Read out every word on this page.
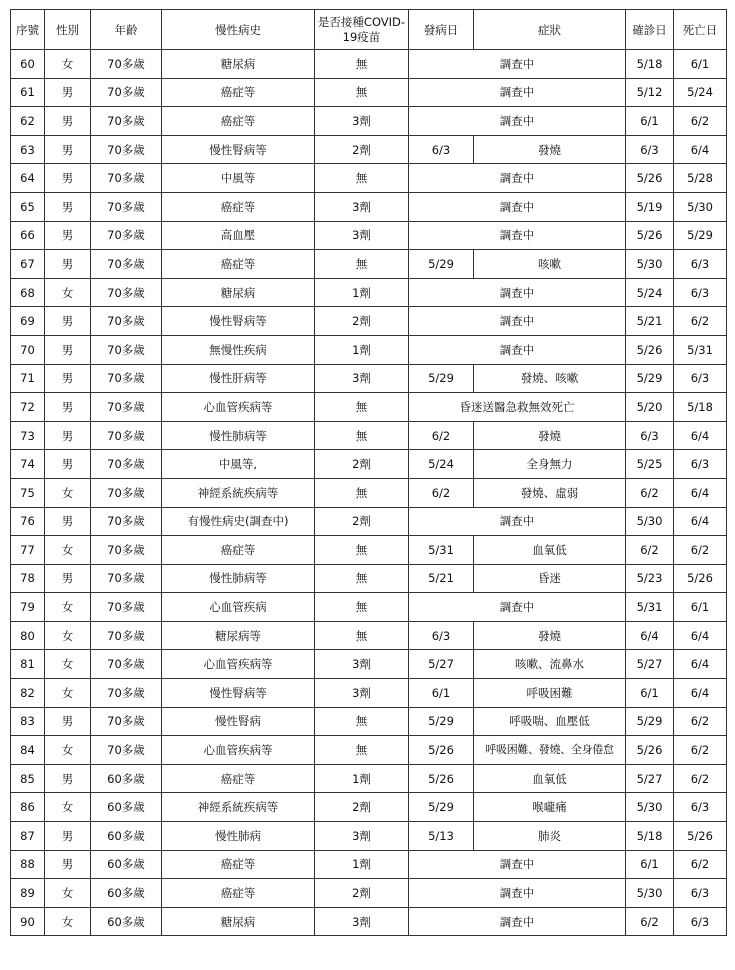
序號	性別	年齡	慢性病史	是否接種COVID-19疫苗	發病日	症狀	確診日	死亡日
60	女	70多歲	糖尿病	無	調查中		5/18	6/1
61	男	70多歲	癌症等	無	調查中		5/12	5/24
62	男	70多歲	癌症等	3劑	調查中		6/1	6/2
63	男	70多歲	慢性腎病等	2劑	6/3	發燒	6/3	6/4
64	男	70多歲	中風等	無	調查中		5/26	5/28
65	男	70多歲	癌症等	3劑	調查中		5/19	5/30
66	男	70多歲	高血壓	3劑	調查中		5/26	5/29
67	男	70多歲	癌症等	無	5/29	咳嗽	5/30	6/3
68	女	70多歲	糖尿病	1劑	調查中		5/24	6/3
69	男	70多歲	慢性腎病等	2劑	調查中		5/21	6/2
70	男	70多歲	無慢性疾病	1劑	調查中		5/26	5/31
71	男	70多歲	慢性肝病等	3劑	5/29	發燒、咳嗽	5/29	6/3
72	男	70多歲	心血管疾病等	無	昏迷送醫急救無效死亡		5/20	5/18
73	男	70多歲	慢性肺病等	無	6/2	發燒	6/3	6/4
74	男	70多歲	中風等,	2劑	5/24	全身無力	5/25	6/3
75	女	70多歲	神經系統疾病等	無	6/2	發燒、虛弱	6/2	6/4
76	男	70多歲	有慢性病史(調查中)	2劑	調查中		5/30	6/4
77	女	70多歲	癌症等	無	5/31	血氧低	6/2	6/2
78	男	70多歲	慢性肺病等	無	5/21	昏迷	5/23	5/26
79	女	70多歲	心血管疾病	無	調查中		5/31	6/1
80	女	70多歲	糖尿病等	無	6/3	發燒	6/4	6/4
81	女	70多歲	心血管疾病等	3劑	5/27	咳嗽、流鼻水	5/27	6/4
82	女	70多歲	慢性腎病等	3劑	6/1	呼吸困難	6/1	6/4
83	男	70多歲	慢性腎病	無	5/29	呼吸喘、血壓低	5/29	6/2
84	女	70多歲	心血管疾病等	無	5/26	呼吸困難、發燒、全身倦怠	5/26	6/2
85	男	60多歲	癌症等	1劑	5/26	血氧低	5/27	6/2
86	女	60多歲	神經系統疾病等	2劑	5/29	喉嚨痛	5/30	6/3
87	男	60多歲	慢性肺病	3劑	5/13	肺炎	5/18	5/26
88	男	60多歲	癌症等	1劑	調查中		6/1	6/2
89	女	60多歲	癌症等	2劑	調查中		5/30	6/3
90	女	60多歲	糖尿病	3劑	調查中		6/2	6/3
